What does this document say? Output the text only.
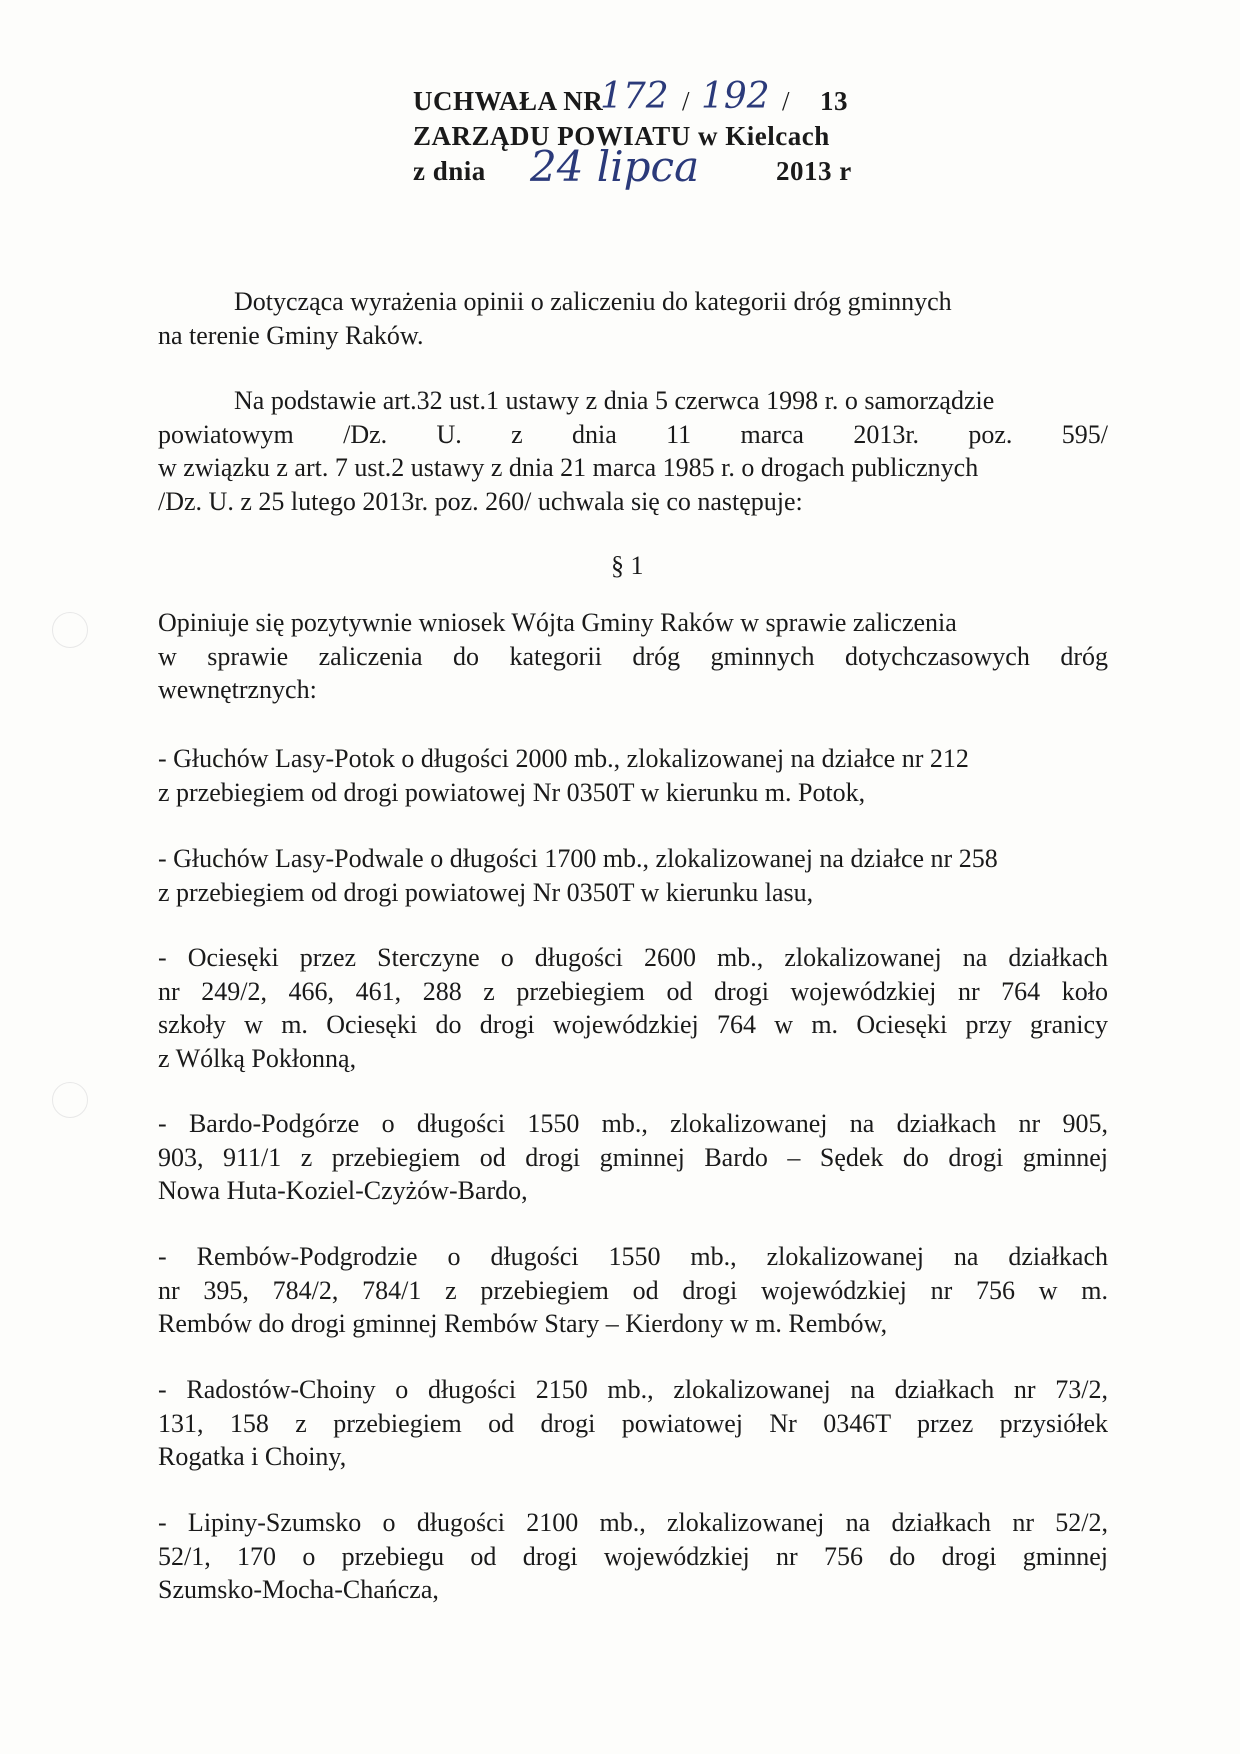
UCHWAŁA NR
172 / 192 / 13
ZARZĄDU POWIATU w Kielcach
z dnia 24 lipca	2013 r
Dotycząca wyrażenia opinii o zaliczeniu do kategorii dróg gminnych
na terenie Gminy Raków.
Na podstawie art.32 ust.1 ustawy z dnia 5 czerwca 1998 r. o samorządzie
powiatowym /Dz. U. z dnia 11 marca 2013r. poz. 595/
w związku z art. 7 ust.2 ustawy z dnia 21 marca 1985 r. o drogach publicznych
/Dz. U. z 25 lutego 2013r. poz. 260/ uchwala się co następuje:
§ 1
Opiniuje się pozytywnie wniosek Wójta Gminy Raków w sprawie zaliczenia
w sprawie zaliczenia do kategorii dróg gminnych dotychczasowych dróg
wewnętrznych:
- Głuchów Lasy-Potok o długości 2000 mb., zlokalizowanej na działce nr 212
z przebiegiem od drogi powiatowej Nr 0350T w kierunku m. Potok,
- Głuchów Lasy-Podwale o długości 1700 mb., zlokalizowanej na działce nr 258
z przebiegiem od drogi powiatowej Nr 0350T w kierunku lasu,
- Ociesęki przez Sterczyne o długości 2600 mb., zlokalizowanej na działkach
nr 249/2, 466, 461, 288 z przebiegiem od drogi wojewódzkiej nr 764 koło
szkoły w m. Ociesęki do drogi wojewódzkiej 764 w m. Ociesęki przy granicy
z Wólką Pokłonną,
- Bardo-Podgórze o długości 1550 mb., zlokalizowanej na działkach nr 905,
903, 911/1 z przebiegiem od drogi gminnej Bardo – Sędek do drogi gminnej
Nowa Huta-Koziel-Czyżów-Bardo,
- Rembów-Podgrodzie o długości 1550 mb., zlokalizowanej na działkach
nr 395, 784/2, 784/1 z przebiegiem od drogi wojewódzkiej nr 756 w m.
Rembów do drogi gminnej Rembów Stary – Kierdony w m. Rembów,
- Radostów-Choiny o długości 2150 mb., zlokalizowanej na działkach nr 73/2,
131, 158 z przebiegiem od drogi powiatowej Nr 0346T przez przysiółek
Rogatka i Choiny,
- Lipiny-Szumsko o długości 2100 mb., zlokalizowanej na działkach nr 52/2,
52/1, 170 o przebiegu od drogi wojewódzkiej nr 756 do drogi gminnej
Szumsko-Mocha-Chańcza,
